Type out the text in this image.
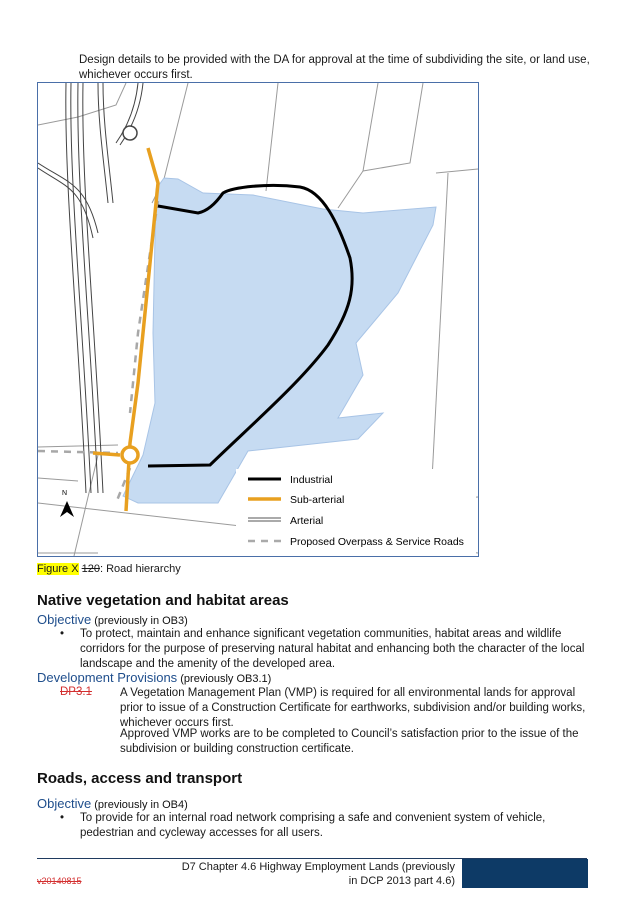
Design details to be provided with the DA for approval at the time of subdividing the site, or land use, whichever occurs first.
N
Industrial
Sub-arterial
Arterial
Proposed Overpass & Service Roads
Figure X 120: Road hierarchy
Native vegetation and habitat areas
Objective (previously in OB3)
•	To protect, maintain and enhance significant vegetation communities, habitat areas and wildlife corridors for the purpose of preserving natural habitat and enhancing both the character of the local landscape and the amenity of the developed area.
Development Provisions (previously OB3.1)
DP3.1 A Vegetation Management Plan (VMP) is required for all environmental lands for approval prior to issue of a Construction Certificate for earthworks, subdivision and/or building works, whichever occurs first.
Approved VMP works are to be completed to Council’s satisfaction prior to the issue of the subdivision or building construction certificate.
Roads, access and transport
Objective (previously in OB4)
•	To provide for an internal road network comprising a safe and convenient system of vehicle, pedestrian and cycleway accesses for all users.
D7 Chapter 4.6 Highway Employment Lands (previously
in DCP 2013 part 4.6)
v20140815
